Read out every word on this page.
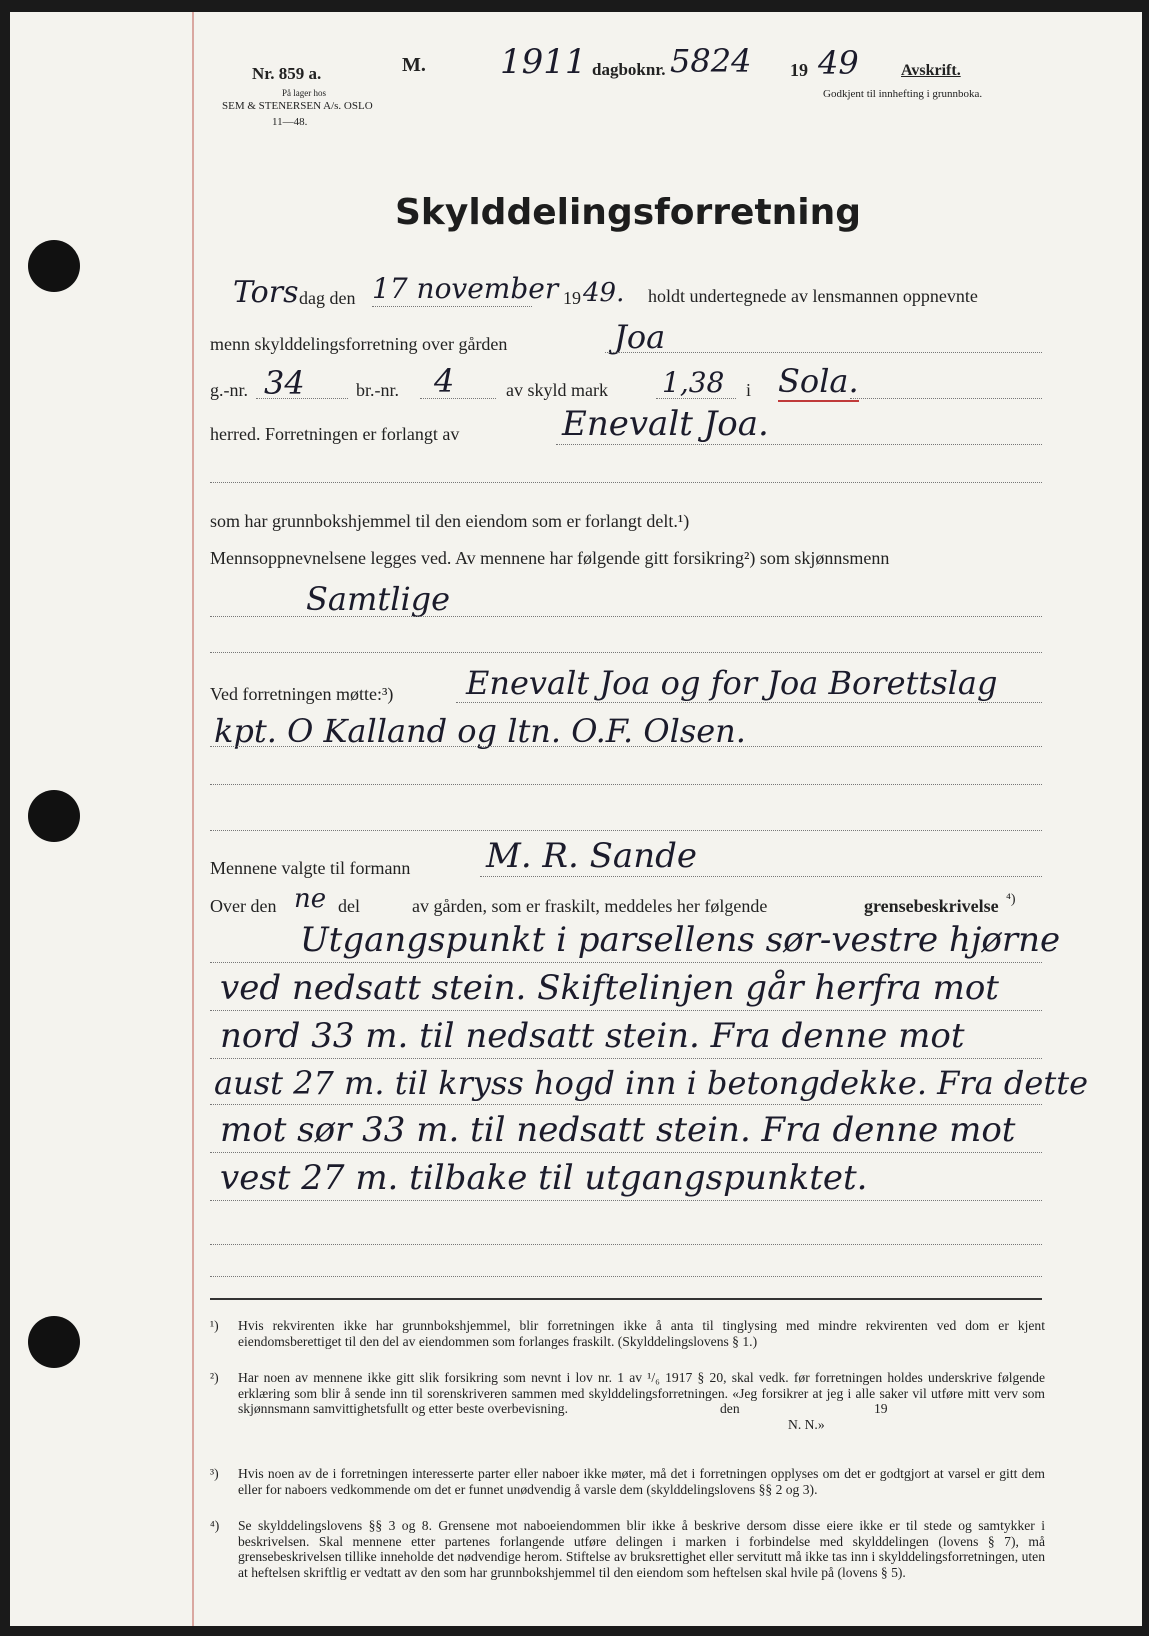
Nr. 859 a.
På lager hos
SEM & STENERSEN A/s. OSLO
11—48.
M. 1911 dagboknr. 5824 19 49	Avskrift.
Godkjent til innhefting i grunnboka.
Skylddelingsforretning
Tors dag den 17 november 19 49. holdt undertegnede av lensmannen oppnevnte
menn skylddelingsforretning over gården	Joa
g.-nr. 34	br.-nr. 4	av skyld mark 1,38 i Sola.
herred. Forretningen er forlangt av	Enevalt Joa.
som har grunnbokshjemmel til den eiendom som er forlangt delt.¹)
Mennsoppnevnelsene legges ved. Av mennene har følgende gitt forsikring²) som skjønnsmenn
Samtlige
Ved forretningen møtte:³) Enevalt Joa og for Joa Borettslag
kpt. O Kalland og ltn. O.F. Olsen.
Mennene valgte til formann M. R. Sande
Over den ne del	av gården, som er fraskilt, meddeles her følgende	grensebeskrivelse ⁴)
Utgangspunkt i parsellens sør-vestre hjørne
ved nedsatt stein. Skiftelinjen går herfra mot
nord 33 m. til nedsatt stein. Fra denne mot
aust 27 m. til kryss hogd inn i betongdekke. Fra dette
mot sør 33 m. til nedsatt stein. Fra denne mot
vest 27 m. tilbake til utgangspunktet.
¹) Hvis rekvirenten ikke har grunnbokshjemmel, blir forretningen ikke å anta til tinglysing med mindre rekvirenten ved dom er kjent eiendomsberettiget til den del av eiendommen som forlanges fraskilt. (Skylddelingslovens § 1.)
²) Har noen av mennene ikke gitt slik forsikring som nevnt i lov nr. 1 av ¹/₆ 1917 § 20, skal vedk. før forretningen holdes underskrive følgende erklæring som blir å sende inn til sorenskriveren sammen med skylddelingsforretningen. «Jeg forsikrer at jeg i alle saker vil utføre mitt verv som skjønnsmann samvittighetsfullt og etter beste overbevisning.	den	19
N. N.»
³) Hvis noen av de i forretningen interesserte parter eller naboer ikke møter, må det i forretningen opplyses om det er godtgjort at varsel er gitt dem eller for naboers vedkommende om det er funnet unødvendig å varsle dem (skylddelingslovens §§ 2 og 3).
⁴) Se skylddelingslovens §§ 3 og 8. Grensene mot naboeiendommen blir ikke å beskrive dersom disse eiere ikke er til stede og samtykker i beskrivelsen. Skal mennene etter partenes forlangende utføre delingen i marken i forbindelse med skylddelingen (lovens § 7), må grensebeskrivelsen tillike inneholde det nødvendige herom. Stiftelse av bruksrettighet eller servitutt må ikke tas inn i skylddelingsforretningen, uten at heftelsen skriftlig er vedtatt av den som har grunnbokshjemmel til den eiendom som heftelsen skal hvile på (lovens § 5).
